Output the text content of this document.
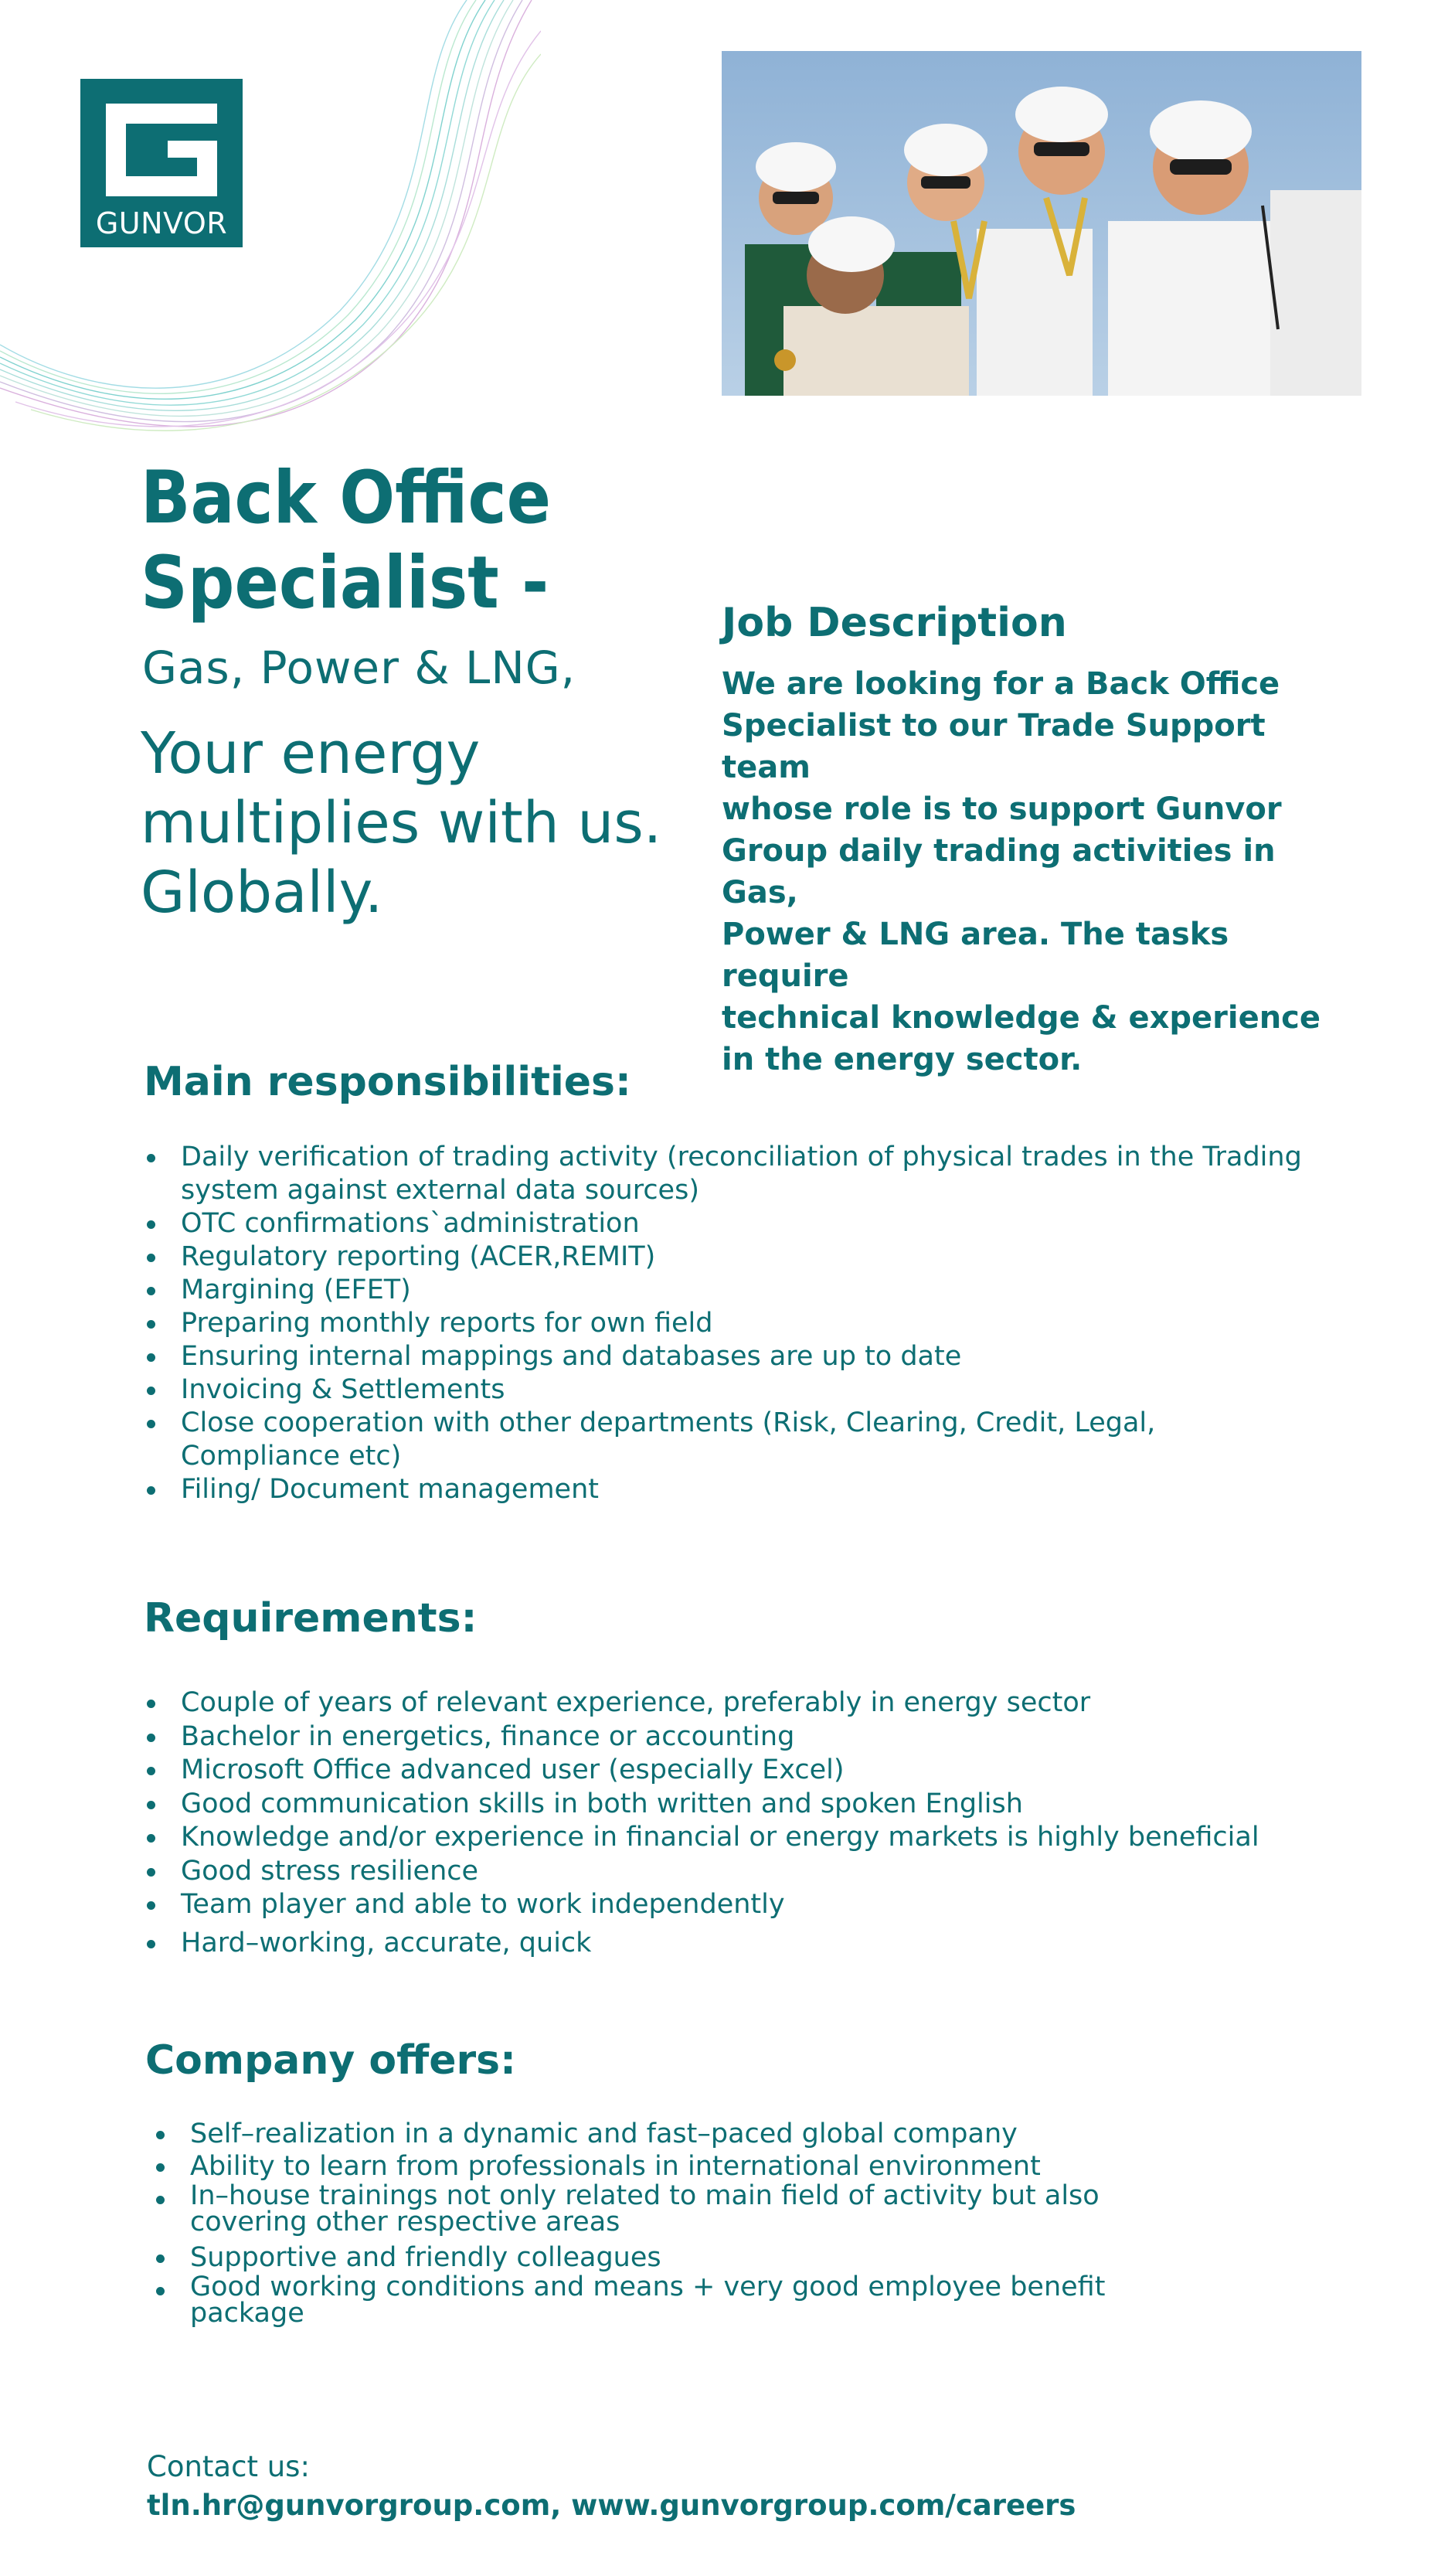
GUNVOR
Back Office
Specialist -
Gas, Power & LNG,
Your energy
multiplies with us.
Globally.
Job Description
We are looking for a Back Office
Specialist to our Trade Support team
whose role is to support Gunvor
Group daily trading activities in Gas,
Power & LNG area. The tasks require
technical knowledge & experience
in the energy sector.
Main responsibilities:
Daily verification of trading activity (reconciliation of physical trades in the Trading system against external data sources)
OTC confirmations`administration
Regulatory reporting (ACER,REMIT)
Margining (EFET)
Preparing monthly reports for own field
Ensuring internal mappings and databases are up to date
Invoicing & Settlements
Close cooperation with other departments (Risk, Clearing, Credit, Legal, Compliance etc)
Filing/ Document management
Requirements:
Couple of years of relevant experience, preferably in energy sector
Bachelor in energetics, finance or accounting
Microsoft Office advanced user (especially Excel)
Good communication skills in both written and spoken English
Knowledge and/or experience in financial or energy markets is highly beneficial
Good stress resilience
Team player and able to work independently
Hard–working, accurate, quick
Company offers:
Self–realization in a dynamic and fast–paced global company
Ability to learn from professionals in international environment
In–house trainings not only related to main field of activity but also covering other respective areas
Supportive and friendly colleagues
Good working conditions and means + very good employee benefit package
Contact us:
tln.hr@gunvorgroup.com, www.gunvorgroup.com/careers
